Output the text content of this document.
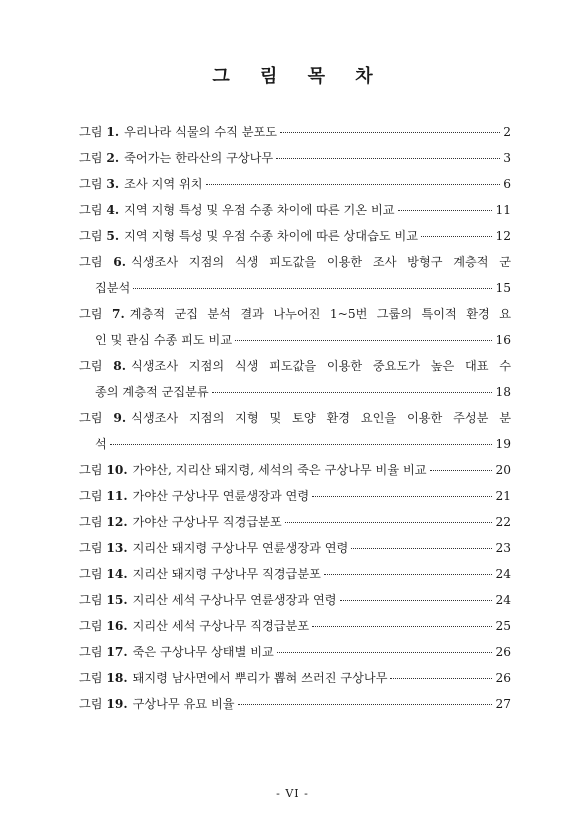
그 림 목 차
그림 1. 우리나라 식물의 수직 분포도	2
그림 2. 죽어가는 한라산의 구상나무	3
그림 3. 조사 지역 위치	6
그림 4. 지역 지형 특성 및 우점 수종 차이에 따른 기온 비교	11
그림 5. 지역 지형 특성 및 우점 수종 차이에 따른 상대습도 비교	12
그림 6. 식생조사 지점의 식생 피도값을 이용한 조사 방형구 계층적 군
집분석	15
그림 7. 계층적 군집 분석 결과 나누어진 1~5번 그룹의 특이적 환경 요
인 및 관심 수종 피도 비교	16
그림 8. 식생조사 지점의 식생 피도값을 이용한 중요도가 높은 대표 수
종의 계층적 군집분류	18
그림 9. 식생조사 지점의 지형 및 토양 환경 요인을 이용한 주성분 분
석	19
그림 10. 가야산, 지리산 돼지령, 세석의 죽은 구상나무 비율 비교	20
그림 11. 가야산 구상나무 연륜생장과 연령	21
그림 12. 가야산 구상나무 직경급분포	22
그림 13. 지리산 돼지령 구상나무 연륜생장과 연령	23
그림 14. 지리산 돼지령 구상나무 직경급분포	24
그림 15. 지리산 세석 구상나무 연륜생장과 연령	24
그림 16. 지리산 세석 구상나무 직경급분포	25
그림 17. 죽은 구상나무 상태별 비교	26
그림 18. 돼지령 남사면에서 뿌리가 뽑혀 쓰러진 구상나무	26
그림 19. 구상나무 유묘 비율	27
- VI -
